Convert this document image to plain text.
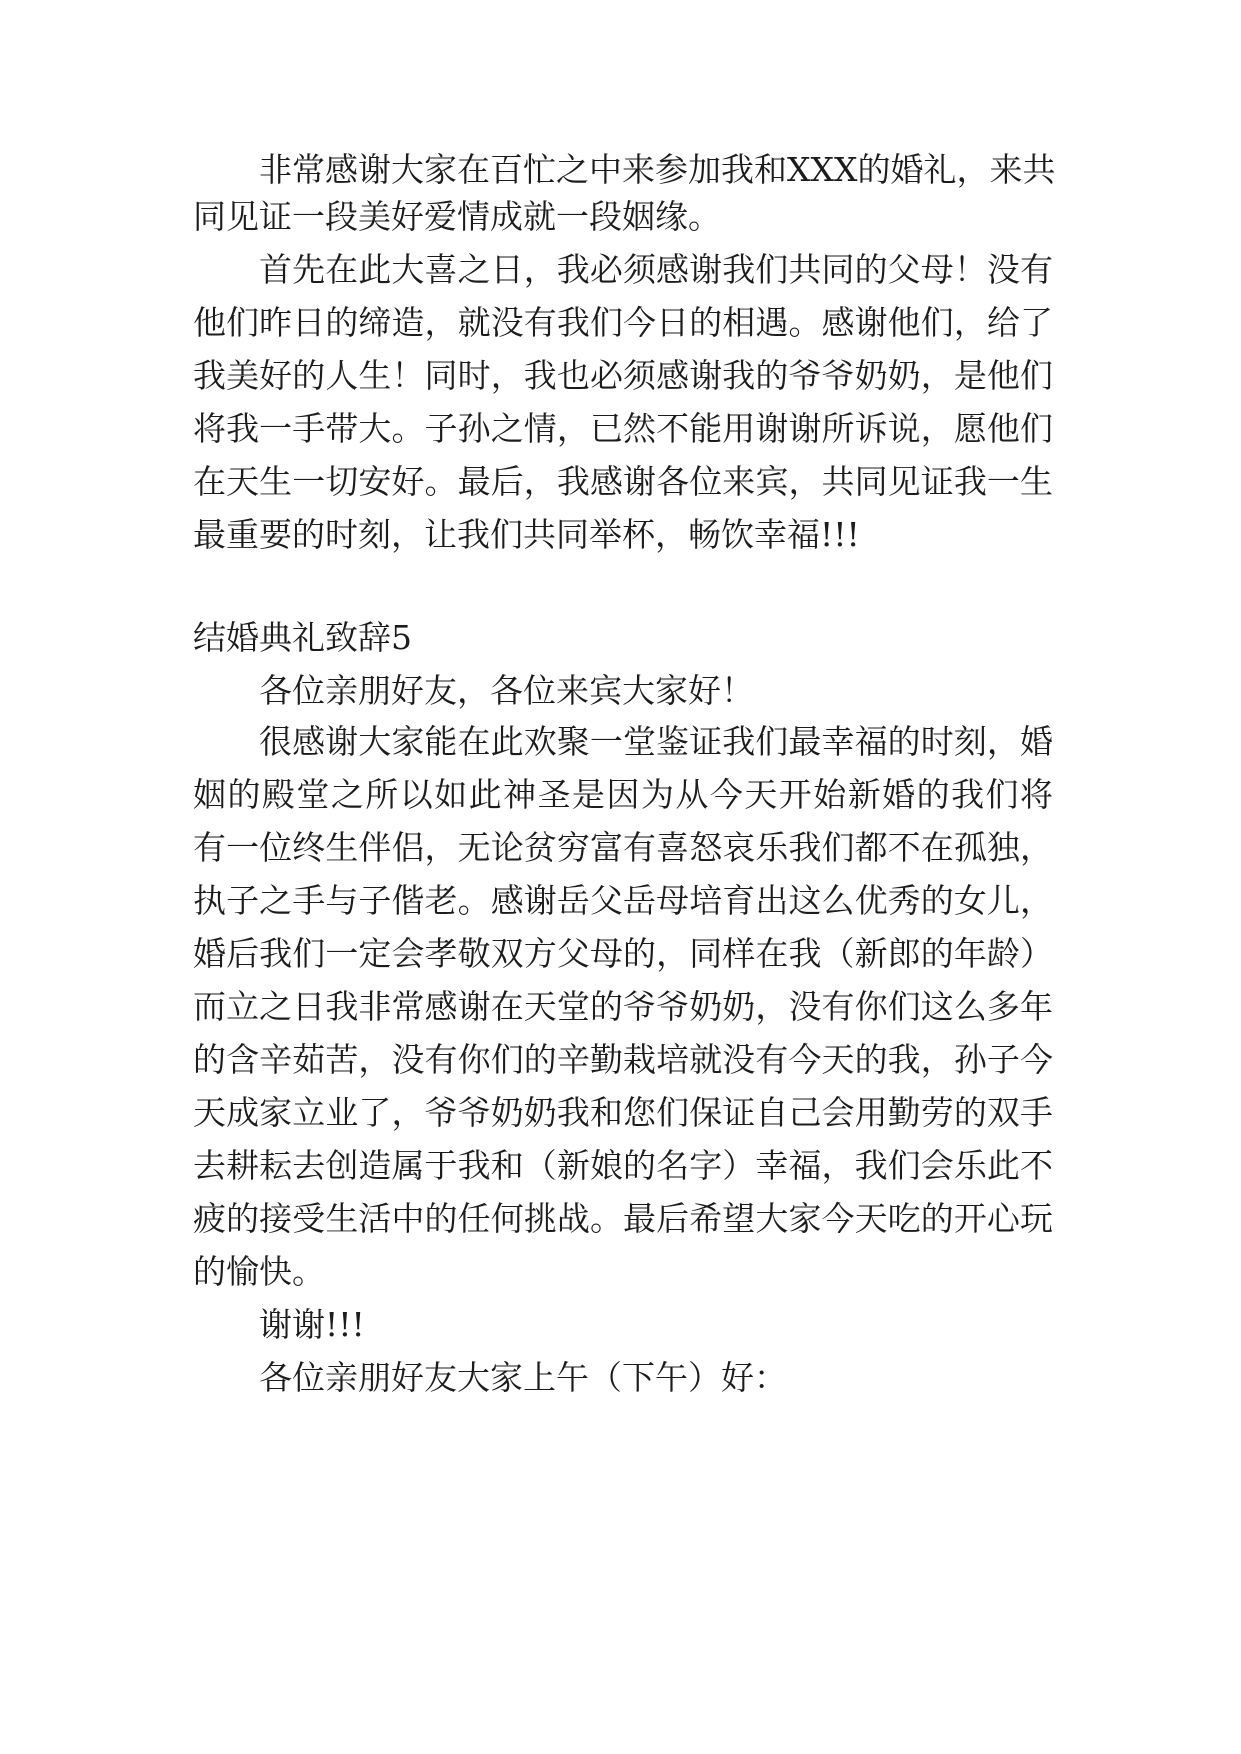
非常感谢大家在百忙之中来参加我和XXX的婚礼，来共

同见证一段美好爱情成就一段姻缘。

首先在此大喜之日，我必须感谢我们共同的父母！没有

他们昨日的缔造，就没有我们今日的相遇。感谢他们，给了

我美好的人生！同时，我也必须感谢我的爷爷奶奶，是他们

将我一手带大。子孙之情，已然不能用谢谢所诉说，愿他们

在天生一切安好。最后，我感谢各位来宾，共同见证我一生

最重要的时刻，让我们共同举杯，畅饮幸福!!!

结婚典礼致辞5

各位亲朋好友，各位来宾大家好！

很感谢大家能在此欢聚一堂鉴证我们最幸福的时刻，婚

姻的殿堂之所以如此神圣是因为从今天开始新婚的我们将

有一位终生伴侣，无论贫穷富有喜怒哀乐我们都不在孤独，

执子之手与子偕老。感谢岳父岳母培育出这么优秀的女儿，

婚后我们一定会孝敬双方父母的，同样在我（新郎的年龄）

而立之日我非常感谢在天堂的爷爷奶奶，没有你们这么多年

的含辛茹苦，没有你们的辛勤栽培就没有今天的我，孙子今

天成家立业了，爷爷奶奶我和您们保证自己会用勤劳的双手

去耕耘去创造属于我和（新娘的名字）幸福，我们会乐此不

疲的接受生活中的任何挑战。最后希望大家今天吃的开心玩

的愉快。

谢谢!!!

各位亲朋好友大家上午（下午）好：
